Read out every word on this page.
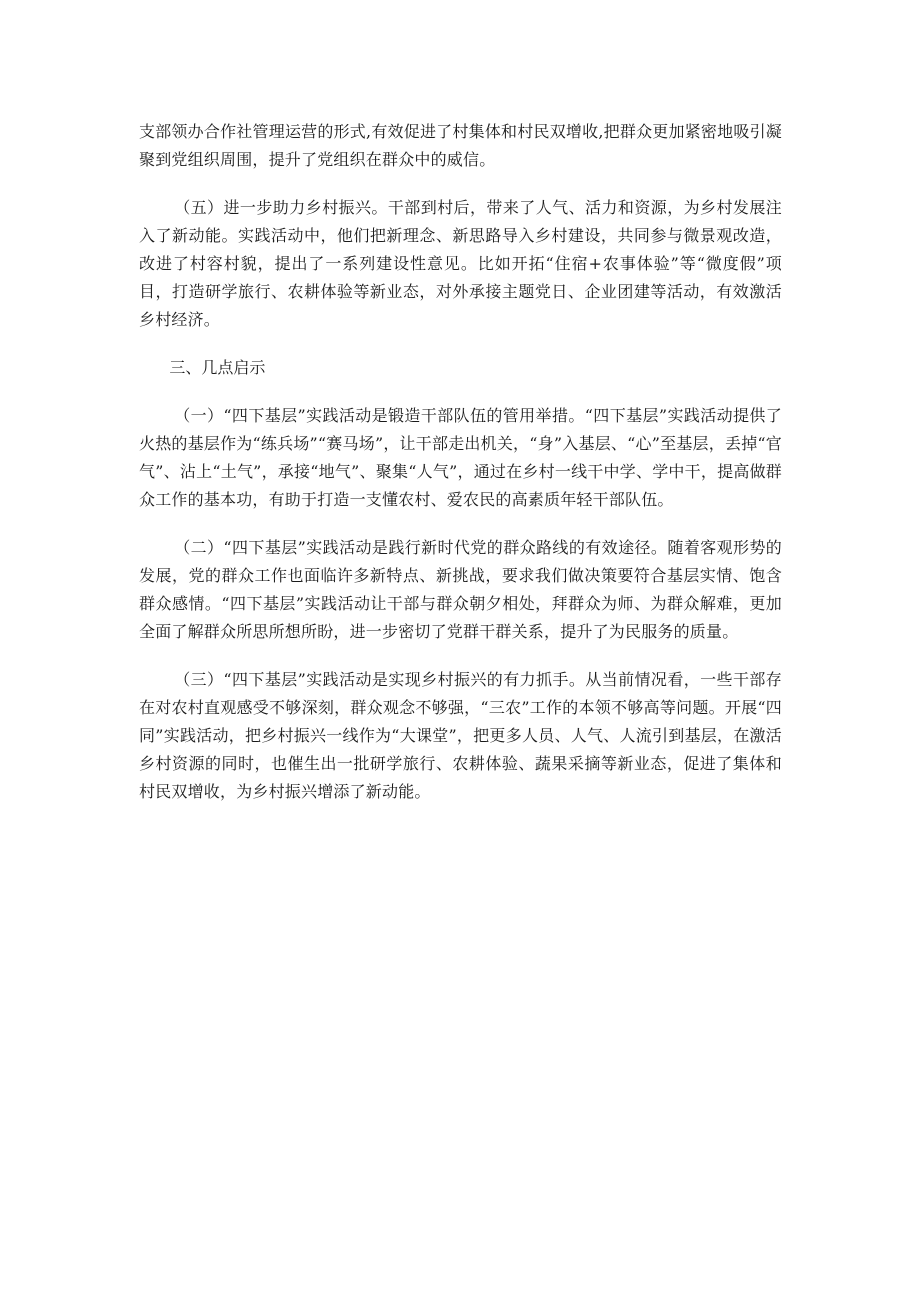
支部领办合作社管理运营的形式,有效促进了村集体和村民双增收,把群众更加紧密地吸引凝聚到党组织周围，提升了党组织在群众中的威信。

（五）进一步助力乡村振兴。干部到村后，带来了人气、活力和资源，为乡村发展注入了新动能。实践活动中，他们把新理念、新思路导入乡村建设，共同参与微景观改造，改进了村容村貌，提出了一系列建设性意见。比如开拓“住宿+农事体验”等“微度假”项目，打造研学旅行、农耕体验等新业态，对外承接主题党日、企业团建等活动，有效激活乡村经济。

三、几点启示

（一）“四下基层”实践活动是锻造干部队伍的管用举措。“四下基层”实践活动提供了火热的基层作为“练兵场”“赛马场”，让干部走出机关，“身”入基层、“心”至基层，丢掉“官气”、沾上“土气”，承接“地气”、聚集“人气”，通过在乡村一线干中学、学中干，提高做群众工作的基本功，有助于打造一支懂农村、爱农民的高素质年轻干部队伍。

（二）“四下基层”实践活动是践行新时代党的群众路线的有效途径。随着客观形势的发展，党的群众工作也面临许多新特点、新挑战，要求我们做决策要符合基层实情、饱含群众感情。“四下基层”实践活动让干部与群众朝夕相处，拜群众为师、为群众解难，更加全面了解群众所思所想所盼，进一步密切了党群干群关系，提升了为民服务的质量。

（三）“四下基层”实践活动是实现乡村振兴的有力抓手。从当前情况看，一些干部存在对农村直观感受不够深刻，群众观念不够强，“三农”工作的本领不够高等问题。开展“四同”实践活动，把乡村振兴一线作为“大课堂”，把更多人员、人气、人流引到基层，在激活乡村资源的同时，也催生出一批研学旅行、农耕体验、蔬果采摘等新业态，促进了集体和村民双增收，为乡村振兴增添了新动能。
